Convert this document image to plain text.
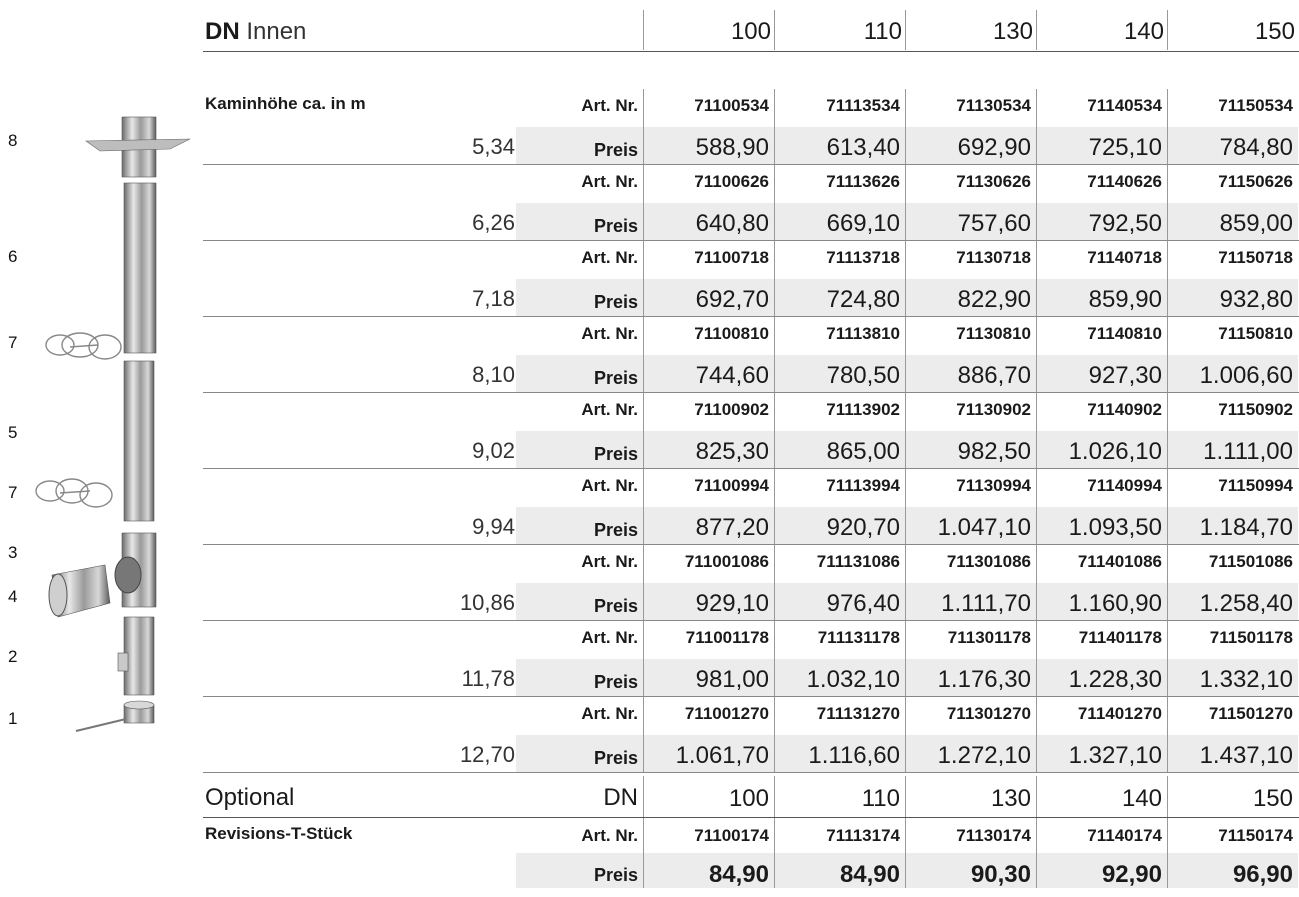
8
6
7
5
7
3
4
2
1
DN Innen	100	110	130	140	150
Kaminhöhe ca. in m	Art. Nr.	71100534	71113534	71130534	71140534	71150534
5,34	Preis	588,90	613,40	692,90	725,10	784,80
Art. Nr.	71100626	71113626	71130626	71140626	71150626
6,26	Preis	640,80	669,10	757,60	792,50	859,00
Art. Nr.	71100718	71113718	71130718	71140718	71150718
7,18	Preis	692,70	724,80	822,90	859,90	932,80
Art. Nr.	71100810	71113810	71130810	71140810	71150810
8,10	Preis	744,60	780,50	886,70	927,30	1.006,60
Art. Nr.	71100902	71113902	71130902	71140902	71150902
9,02	Preis	825,30	865,00	982,50	1.026,10	1.111,00
Art. Nr.	71100994	71113994	71130994	71140994	71150994
9,94	Preis	877,20	920,70	1.047,10	1.093,50	1.184,70
Art. Nr.	711001086	711131086	711301086	711401086	711501086
10,86	Preis	929,10	976,40	1.111,70	1.160,90	1.258,40
Art. Nr.	711001178	711131178	711301178	711401178	711501178
11,78	Preis	981,00	1.032,10	1.176,30	1.228,30	1.332,10
Art. Nr.	711001270	711131270	711301270	711401270	711501270
12,70	Preis	1.061,70	1.116,60	1.272,10	1.327,10	1.437,10
Optional	DN	100	110	130	140	150
Revisions-T-Stück	Art. Nr.	71100174	71113174	71130174	71140174	71150174
Preis	84,90	84,90	90,30	92,90	96,90
